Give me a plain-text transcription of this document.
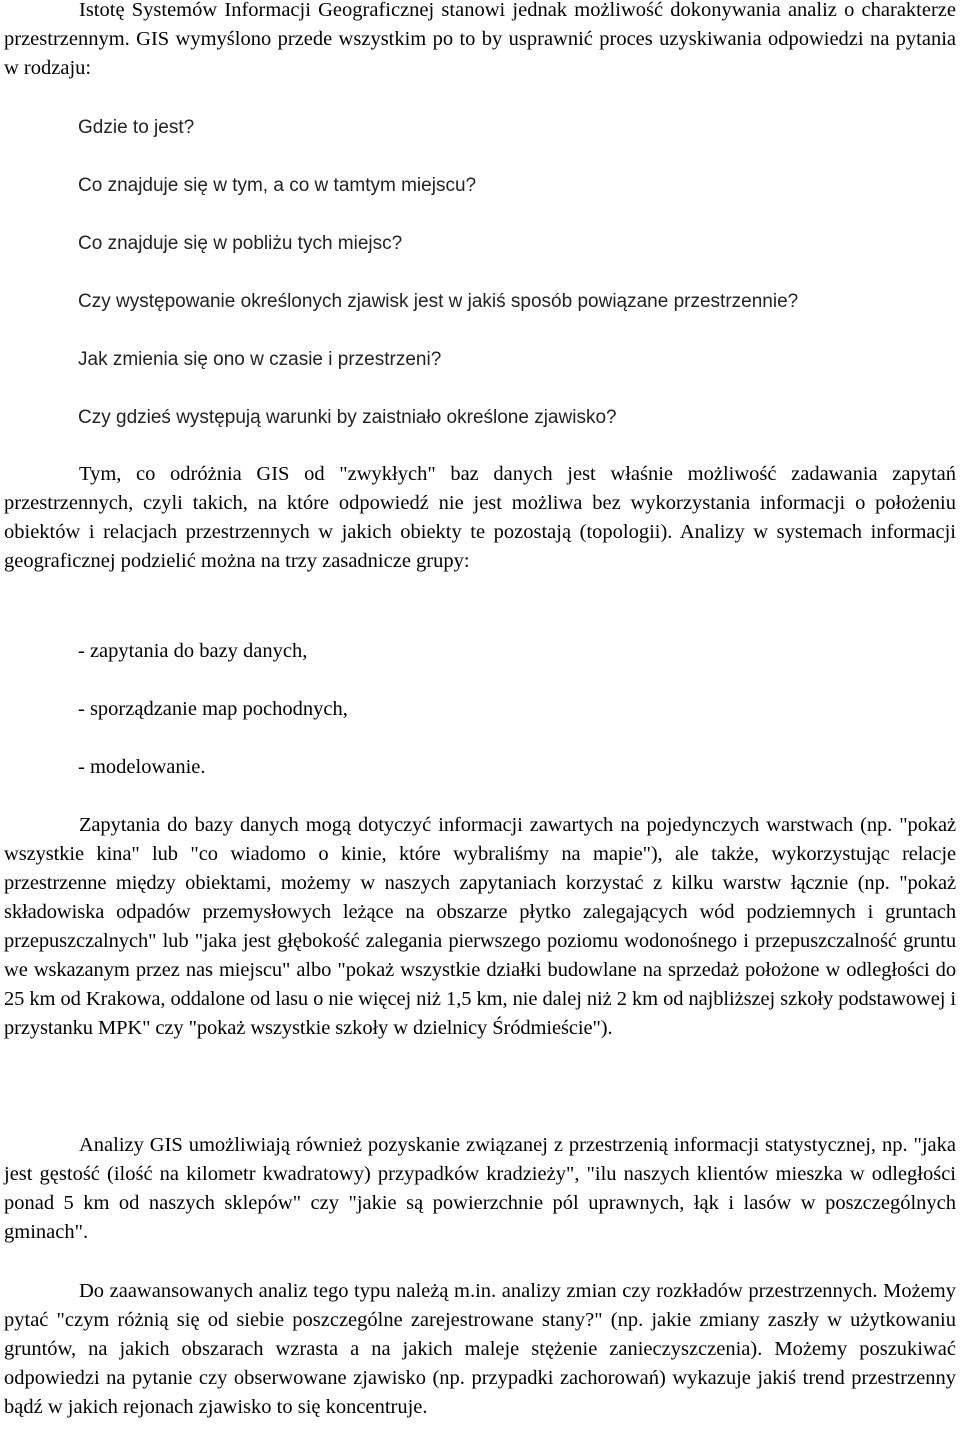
Istotę Systemów Informacji Geograficznej stanowi jednak możliwość dokonywania analiz o charakterze przestrzennym. GIS wymyślono przede wszystkim po to by usprawnić proces uzyskiwania odpowiedzi na pytania w rodzaju:

Gdzie to jest?

Co znajduje się w tym, a co w tamtym miejscu?

Co znajduje się w pobliżu tych miejsc?

Czy występowanie określonych zjawisk jest w jakiś sposób powiązane przestrzennie?

Jak zmienia się ono w czasie i przestrzeni?

Czy gdzieś występują warunki by zaistniało określone zjawisko?

Tym, co odróżnia GIS od "zwykłych" baz danych jest właśnie możliwość zadawania zapytań przestrzennych, czyli takich, na które odpowiedź nie jest możliwa bez wykorzystania informacji o położeniu obiektów i relacjach przestrzennych w jakich obiekty te pozostają (topologii). Analizy w systemach informacji geograficznej podzielić można na trzy zasadnicze grupy:

- zapytania do bazy danych,

- sporządzanie map pochodnych,

- modelowanie.

Zapytania do bazy danych mogą dotyczyć informacji zawartych na pojedynczych warstwach (np. "pokaż wszystkie kina" lub "co wiadomo o kinie, które wybraliśmy na mapie"), ale także, wykorzystując relacje przestrzenne między obiektami, możemy w naszych zapytaniach korzystać z kilku warstw łącznie (np. "pokaż składowiska odpadów przemysłowych leżące na obszarze płytko zalegających wód podziemnych i gruntach przepuszczalnych" lub "jaka jest głębokość zalegania pierwszego poziomu wodonośnego i przepuszczalność gruntu we wskazanym przez nas miejscu" albo "pokaż wszystkie działki budowlane na sprzedaż położone w odległości do 25 km od Krakowa, oddalone od lasu o nie więcej niż 1,5 km, nie dalej niż 2 km od najbliższej szkoły podstawowej i przystanku MPK" czy "pokaż wszystkie szkoły w dzielnicy Śródmieście").

Analizy GIS umożliwiają również pozyskanie związanej z przestrzenią informacji statystycznej, np. "jaka jest gęstość (ilość na kilometr kwadratowy) przypadków kradzieży", "ilu naszych klientów mieszka w odległości ponad 5 km od naszych sklepów" czy "jakie są powierzchnie pól uprawnych, łąk i lasów w poszczególnych gminach".

Do zaawansowanych analiz tego typu należą m.in. analizy zmian czy rozkładów przestrzennych. Możemy pytać "czym różnią się od siebie poszczególne zarejestrowane stany?" (np. jakie zmiany zaszły w użytkowaniu gruntów, na jakich obszarach wzrasta a na jakich maleje stężenie zanieczyszczenia). Możemy poszukiwać odpowiedzi na pytanie czy obserwowane zjawisko (np. przypadki zachorowań) wykazuje jakiś trend przestrzenny bądź w jakich rejonach zjawisko to się koncentruje.
